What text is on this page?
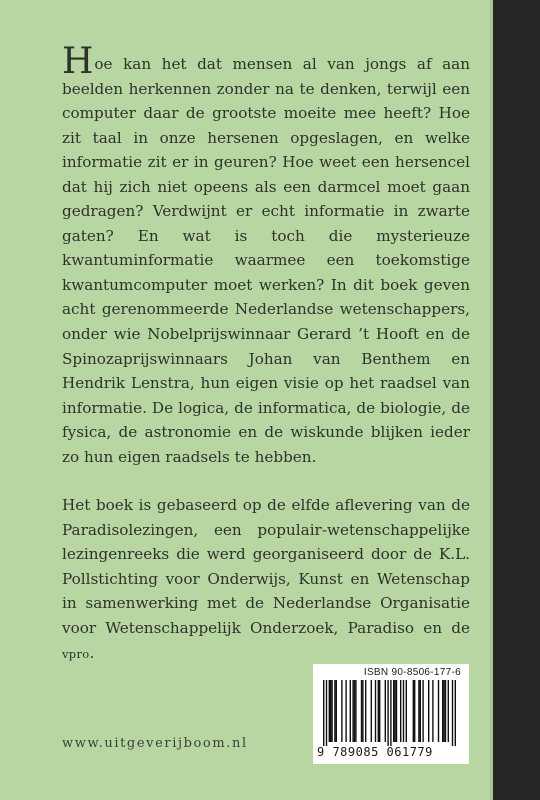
Hoe kan het dat mensen al van jongs af aan beelden herkennen zonder na te denken, terwijl een computer daar de grootste moeite mee heeft? Hoe zit taal in onze hersenen opgeslagen, en welke informatie zit er in geuren? Hoe weet een hersencel dat hij zich niet opeens als een darmcel moet gaan gedragen? Verdwijnt er echt informatie in zwarte gaten? En wat is toch die mysterieuze kwantuminformatie waarmee een toekomstige kwantumcomputer moet werken? In dit boek geven acht gerenommeerde Nederlandse wetenschappers, onder wie Nobelprijswinnaar Gerard ’t Hooft en de Spinozaprijswinnaars Johan van Benthem en Hendrik Lenstra, hun eigen visie op het raadsel van informatie. De logica, de informatica, de biologie, de fysica, de astronomie en de wiskunde blijken ieder zo hun eigen raadsels te hebben.

Het boek is gebaseerd op de elfde aflevering van de Paradisolezingen, een populair-wetenschappelijke lezingenreeks die werd georganiseerd door de K.L. Pollstichting voor Onderwijs, Kunst en Wetenschap in samenwerking met de Nederlandse Organisatie voor Wetenschappelijk Onderzoek, Paradiso en de vpro.

www.uitgeverijboom.nl
ISBN 90-8506-177-6
9 789085 061779
